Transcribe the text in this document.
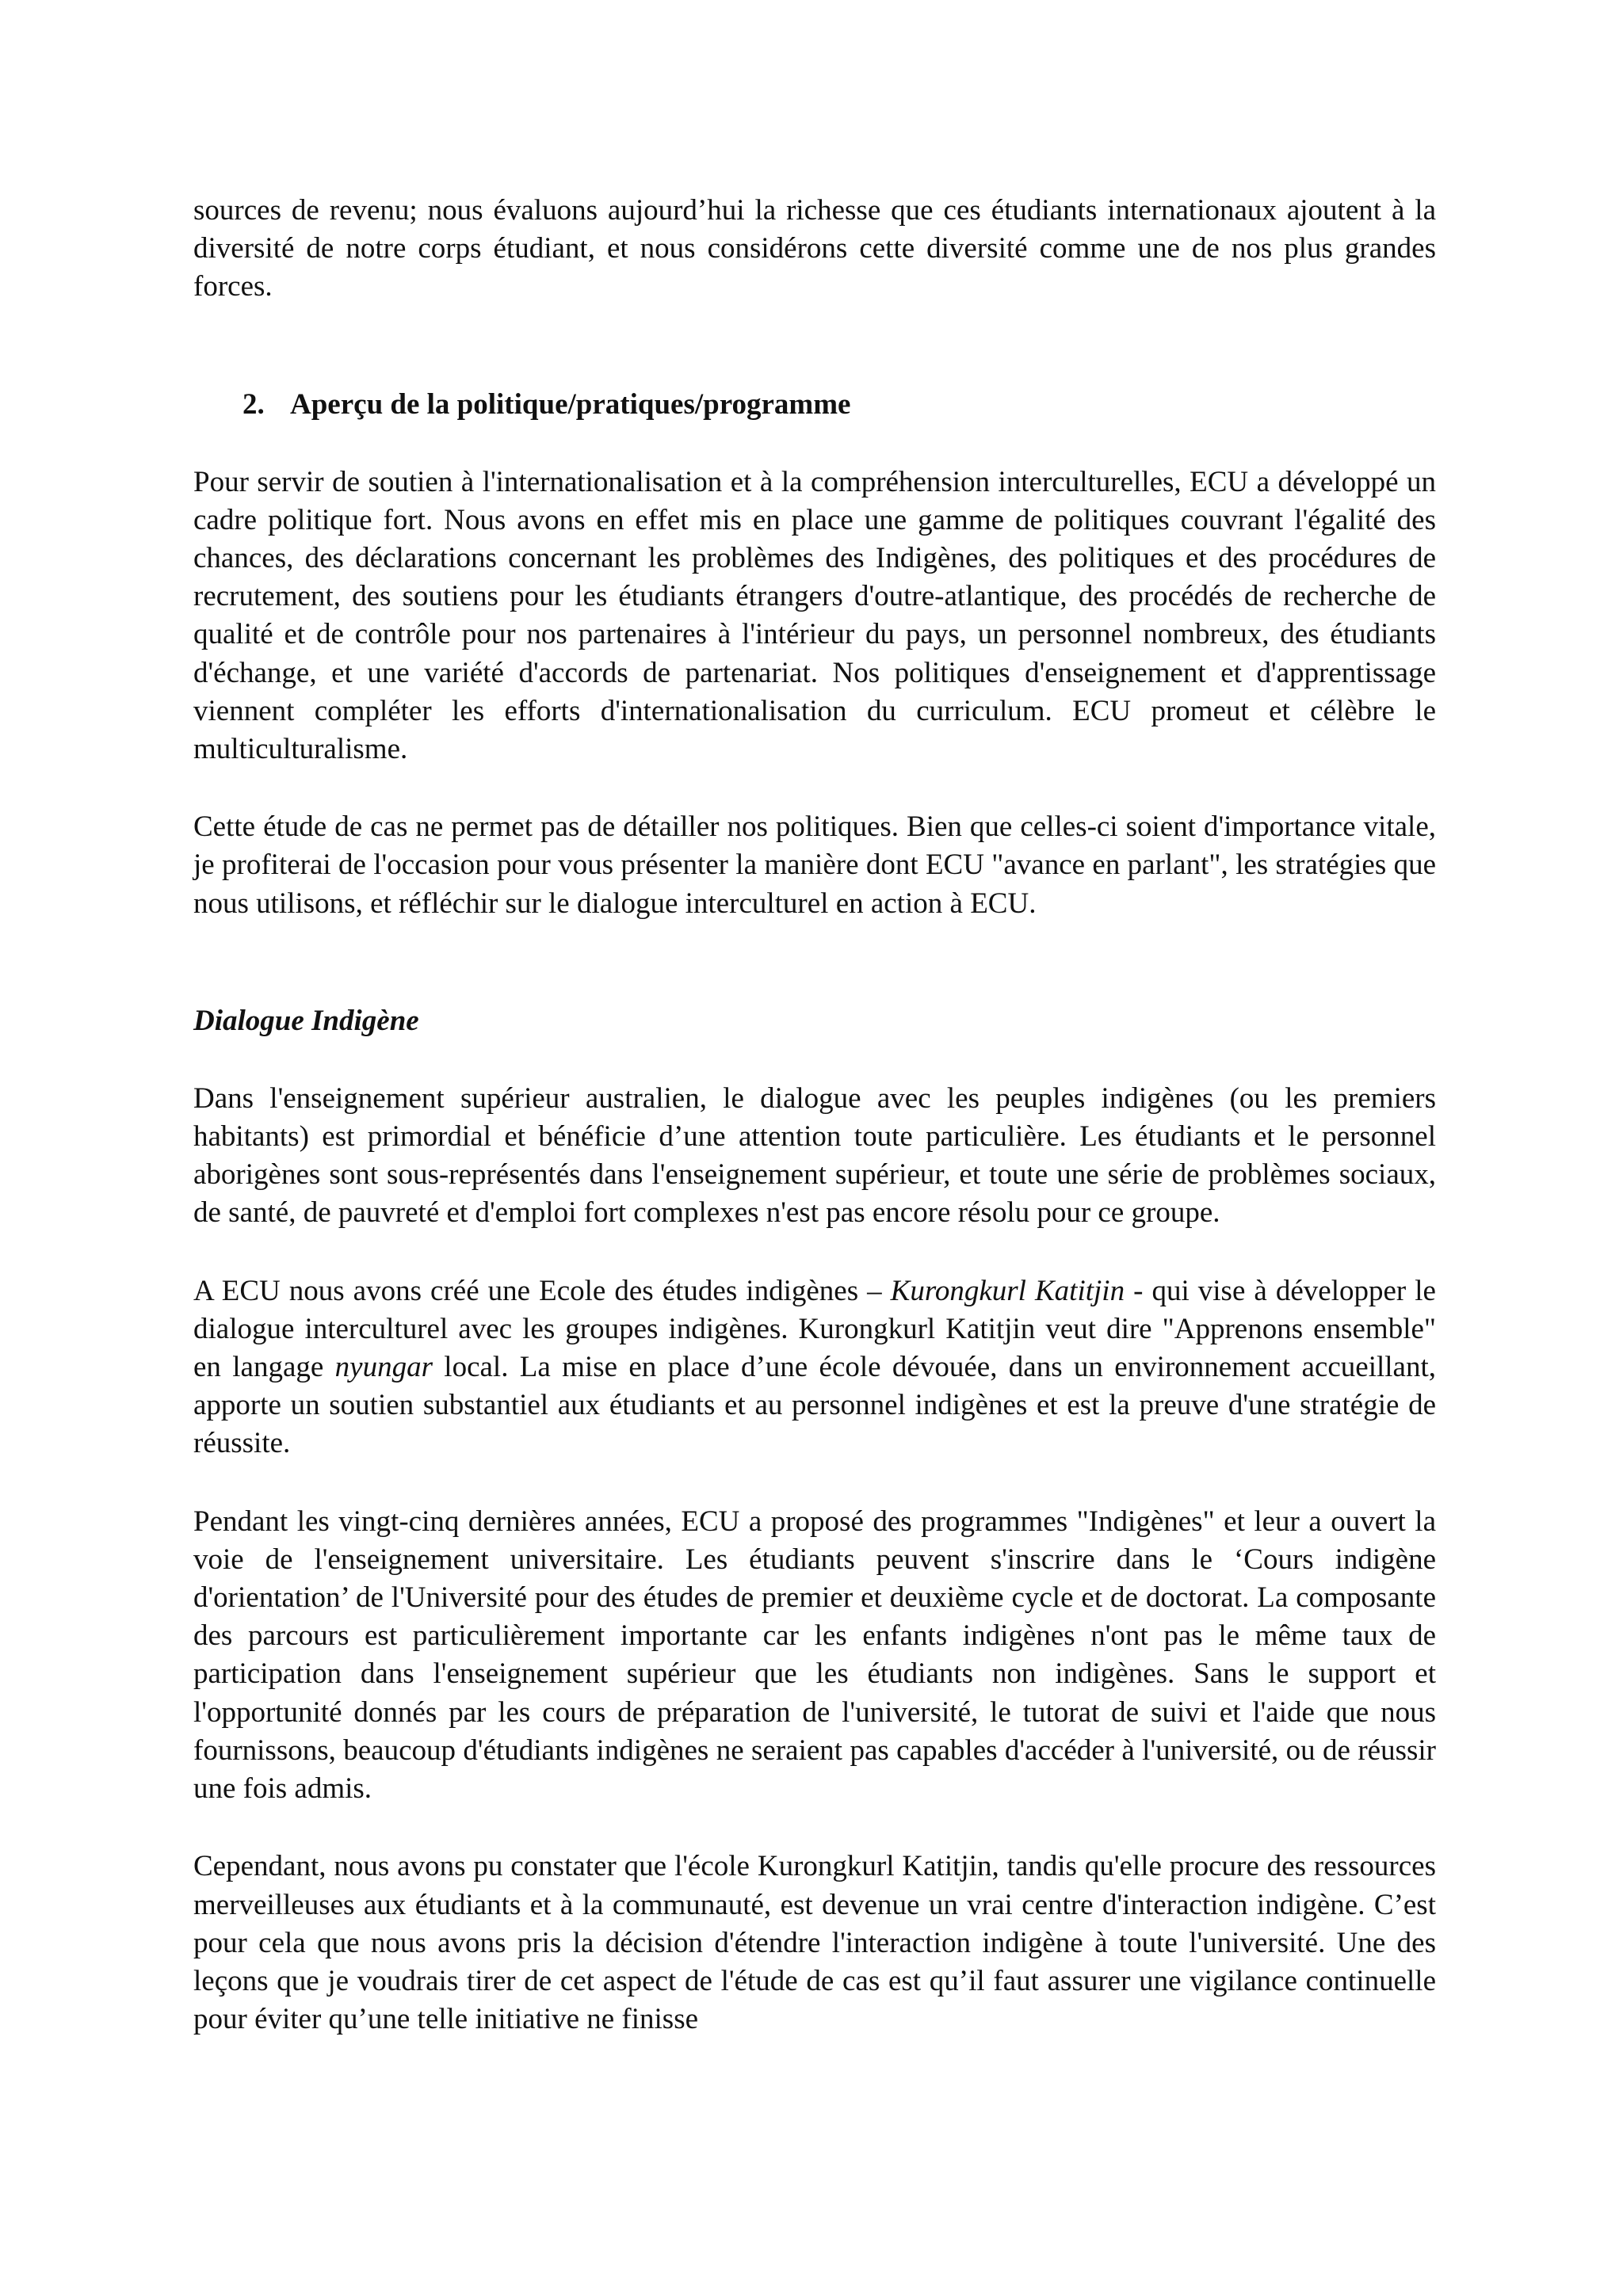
sources de revenu; nous évaluons aujourd’hui la richesse que ces étudiants internationaux ajoutent à la diversité de notre corps étudiant, et nous considérons cette diversité comme une de nos plus grandes forces.

2. Aperçu de la politique/pratiques/programme

Pour servir de soutien à l'internationalisation et à la compréhension interculturelles, ECU a développé un cadre politique fort. Nous avons en effet mis en place une gamme de politiques couvrant l'égalité des chances, des déclarations concernant les problèmes des Indigènes, des politiques et des procédures de recrutement, des soutiens pour les étudiants étrangers d'outre-atlantique, des procédés de recherche de qualité et de contrôle pour nos partenaires à l'intérieur du pays, un personnel nombreux, des étudiants d'échange, et une variété d'accords de partenariat. Nos politiques d'enseignement et d'apprentissage viennent compléter les efforts d'internationalisation du curriculum. ECU promeut et célèbre le multiculturalisme.

Cette étude de cas ne permet pas de détailler nos politiques. Bien que celles-ci soient d'importance vitale, je profiterai de l'occasion pour vous présenter la manière dont ECU "avance en parlant", les stratégies que nous utilisons, et réfléchir sur le dialogue interculturel en action à ECU.

Dialogue Indigène

Dans l'enseignement supérieur australien, le dialogue avec les peuples indigènes (ou les premiers habitants) est primordial et bénéficie d’une attention toute particulière. Les étudiants et le personnel aborigènes sont sous-représentés dans l'enseignement supérieur, et toute une série de problèmes sociaux, de santé, de pauvreté et d'emploi fort complexes n'est pas encore résolu pour ce groupe.

A ECU nous avons créé une Ecole des études indigènes – Kurongkurl Katitjin - qui vise à développer le dialogue interculturel avec les groupes indigènes. Kurongkurl Katitjin veut dire "Apprenons ensemble" en langage nyungar local. La mise en place d’une école dévouée, dans un environnement accueillant, apporte un soutien substantiel aux étudiants et au personnel indigènes et est la preuve d'une stratégie de réussite.

Pendant les vingt-cinq dernières années, ECU a proposé des programmes "Indigènes" et leur a ouvert la voie de l'enseignement universitaire. Les étudiants peuvent s'inscrire dans le ‘Cours indigène d'orientation’ de l'Université pour des études de premier et deuxième cycle et de doctorat. La composante des parcours est particulièrement importante car les enfants indigènes n'ont pas le même taux de participation dans l'enseignement supérieur que les étudiants non indigènes. Sans le support et l'opportunité donnés par les cours de préparation de l'université, le tutorat de suivi et l'aide que nous fournissons, beaucoup d'étudiants indigènes ne seraient pas capables d'accéder à l'université, ou de réussir une fois admis.

Cependant, nous avons pu constater que l'école Kurongkurl Katitjin, tandis qu'elle procure des ressources merveilleuses aux étudiants et à la communauté, est devenue un vrai centre d'interaction indigène. C’est pour cela que nous avons pris la décision d'étendre l'interaction indigène à toute l'université. Une des leçons que je voudrais tirer de cet aspect de l'étude de cas est qu’il faut assurer une vigilance continuelle pour éviter qu’une telle initiative ne finisse
